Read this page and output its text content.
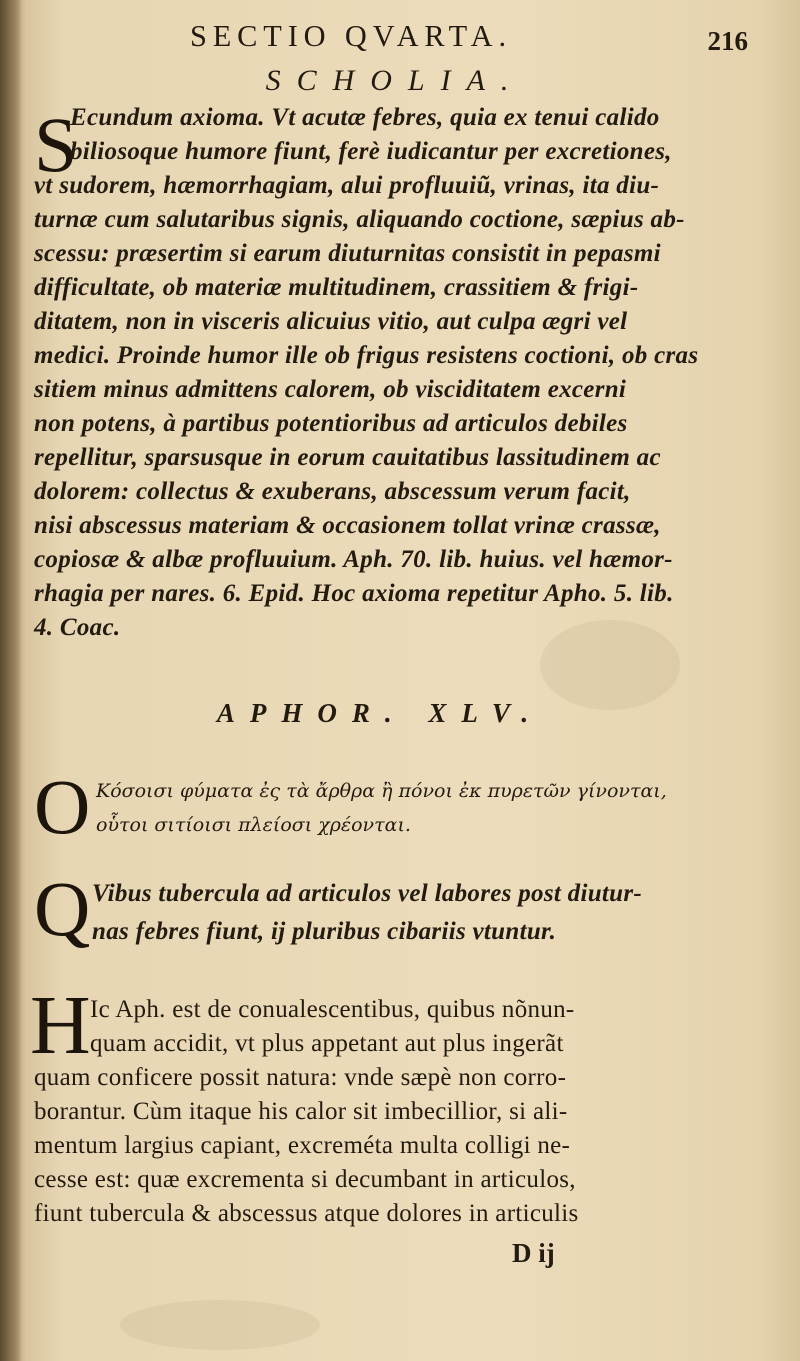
SECTIO QVARTA.	216
SCHOLIA.
S
Ecundum axioma. Vt acutæ febres, quia ex tenui calido
biliosoque humore fiunt, ferè iudicantur per excretiones,
vt sudorem, hæmorrhagiam, alui profluuiũ, vrinas, ita diu-
turnæ cum salutaribus signis, aliquando coctione, sæpius ab-
scessu: præsertim si earum diuturnitas consistit in pepasmi
difficultate, ob materiæ multitudinem, crassitiem & frigi-
ditatem, non in visceris alicuius vitio, aut culpa ægri vel
medici. Proinde humor ille ob frigus resistens coctioni, ob cras
sitiem minus admittens calorem, ob visciditatem excerni
non potens, à partibus potentioribus ad articulos debiles
repellitur, sparsusque in eorum cauitatibus lassitudinem ac
dolorem: collectus & exuberans, abscessum verum facit,
nisi abscessus materiam & occasionem tollat vrinæ crassæ,
copiosæ & albæ profluuium. Aph. 70. lib. huius. vel hæmor-
rhagia per nares. 6. Epid. Hoc axioma repetitur Apho. 5. lib.
4. Coac.
APHOR. XLV.
O Κόσοισι φύματα ἐς τὰ ἄρθρα ἢ πόνοι ἐκ πυρετῶν γίνονται,
οὗτοι σιτίοισι πλείοσι χρέονται.
Q Vibus tubercula ad articulos vel labores post diutur-
nas febres fiunt, ij pluribus cibariis vtuntur.
H Ic Aph. est de conualescentibus, quibus nõnun-
quam accidit, vt plus appetant aut plus ingerãt
quam conficere possit natura: vnde sæpè non corro-
borantur. Cùm itaque his calor sit imbecillior, si ali-
mentum largius capiant, excreméta multa colligi ne-
cesse est: quæ excrementa si decumbant in articulos,
fiunt tubercula & abscessus atque dolores in articulis
D ij
